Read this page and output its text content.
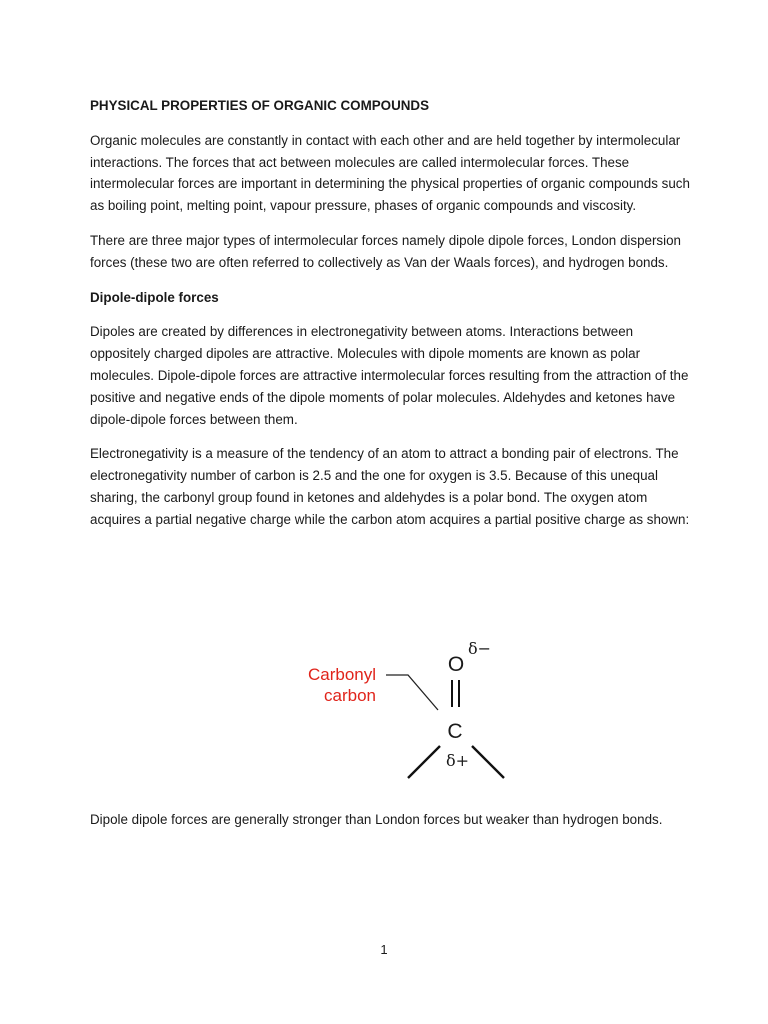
PHYSICAL PROPERTIES OF ORGANIC COMPOUNDS

Organic molecules are constantly in contact with each other and are held together by intermolecular interactions. The forces that act between molecules are called intermolecular forces. These intermolecular forces are important in determining the physical properties of organic compounds such as boiling point, melting point, vapour pressure, phases of organic compounds and viscosity.

There are three major types of intermolecular forces namely dipole dipole forces, London dispersion forces (these two are often referred to collectively as Van der Waals forces), and hydrogen bonds.

Dipole-dipole forces

Dipoles are created by differences in electronegativity between atoms. Interactions between oppositely charged dipoles are attractive. Molecules with dipole moments are known as polar molecules. Dipole-dipole forces are attractive intermolecular forces resulting from the attraction of the positive and negative ends of the dipole moments of polar molecules. Aldehydes and ketones have dipole-dipole forces between them.

Electronegativity is a measure of the tendency of an atom to attract a bonding pair of electrons. The electronegativity number of carbon is 2.5 and the one for oxygen is 3.5. Because of this unequal sharing, the carbonyl group found in ketones and aldehydes is a polar bond. The oxygen atom acquires a partial negative charge while the carbon atom acquires a partial positive charge as shown:

Carbonyl
carbon
O
δ−
C
δ+

Dipole dipole forces are generally stronger than London forces but weaker than hydrogen bonds.

1
